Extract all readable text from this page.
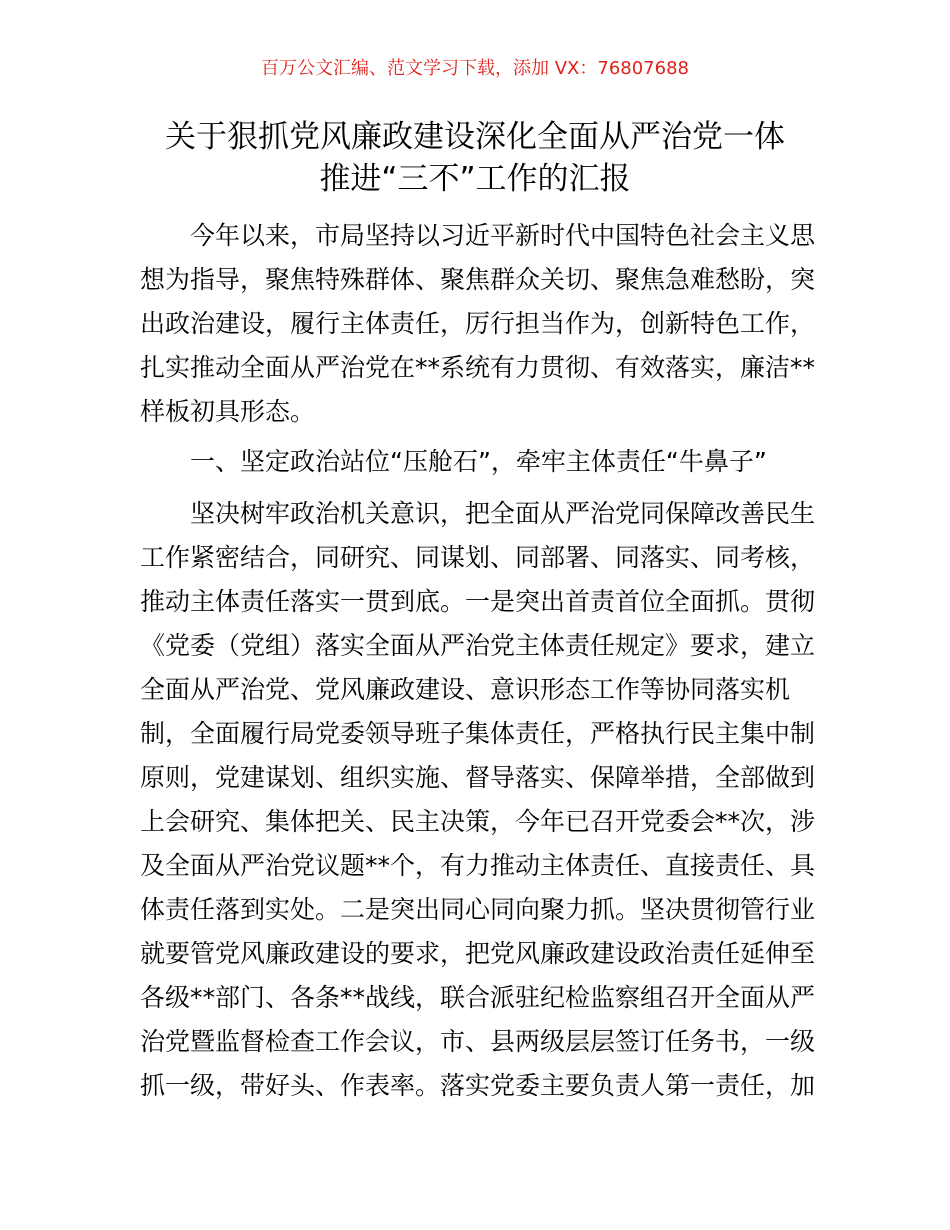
百万公文汇编、范文学习下载，添加 VX：76807688
关于狠抓党风廉政建设深化全面从严治党一体
推进“三不”工作的汇报
今年以来，市局坚持以习近平新时代中国特色社会主义思
想为指导，聚焦特殊群体、聚焦群众关切、聚焦急难愁盼，突
出政治建设，履行主体责任，厉行担当作为，创新特色工作，
扎实推动全面从严治党在**系统有力贯彻、有效落实，廉洁**
样板初具形态。
一、坚定政治站位“压舱石”，牵牢主体责任“牛鼻子”
坚决树牢政治机关意识，把全面从严治党同保障改善民生
工作紧密结合，同研究、同谋划、同部署、同落实、同考核，
推动主体责任落实一贯到底。一是突出首责首位全面抓。贯彻
《党委（党组）落实全面从严治党主体责任规定》要求，建立
全面从严治党、党风廉政建设、意识形态工作等协同落实机
制，全面履行局党委领导班子集体责任，严格执行民主集中制
原则，党建谋划、组织实施、督导落实、保障举措，全部做到
上会研究、集体把关、民主决策，今年已召开党委会**次，涉
及全面从严治党议题**个，有力推动主体责任、直接责任、具
体责任落到实处。二是突出同心同向聚力抓。坚决贯彻管行业
就要管党风廉政建设的要求，把党风廉政建设政治责任延伸至
各级**部门、各条**战线，联合派驻纪检监察组召开全面从严
治党暨监督检查工作会议，市、县两级层层签订任务书，一级
抓一级，带好头、作表率。落实党委主要负责人第一责任，加
